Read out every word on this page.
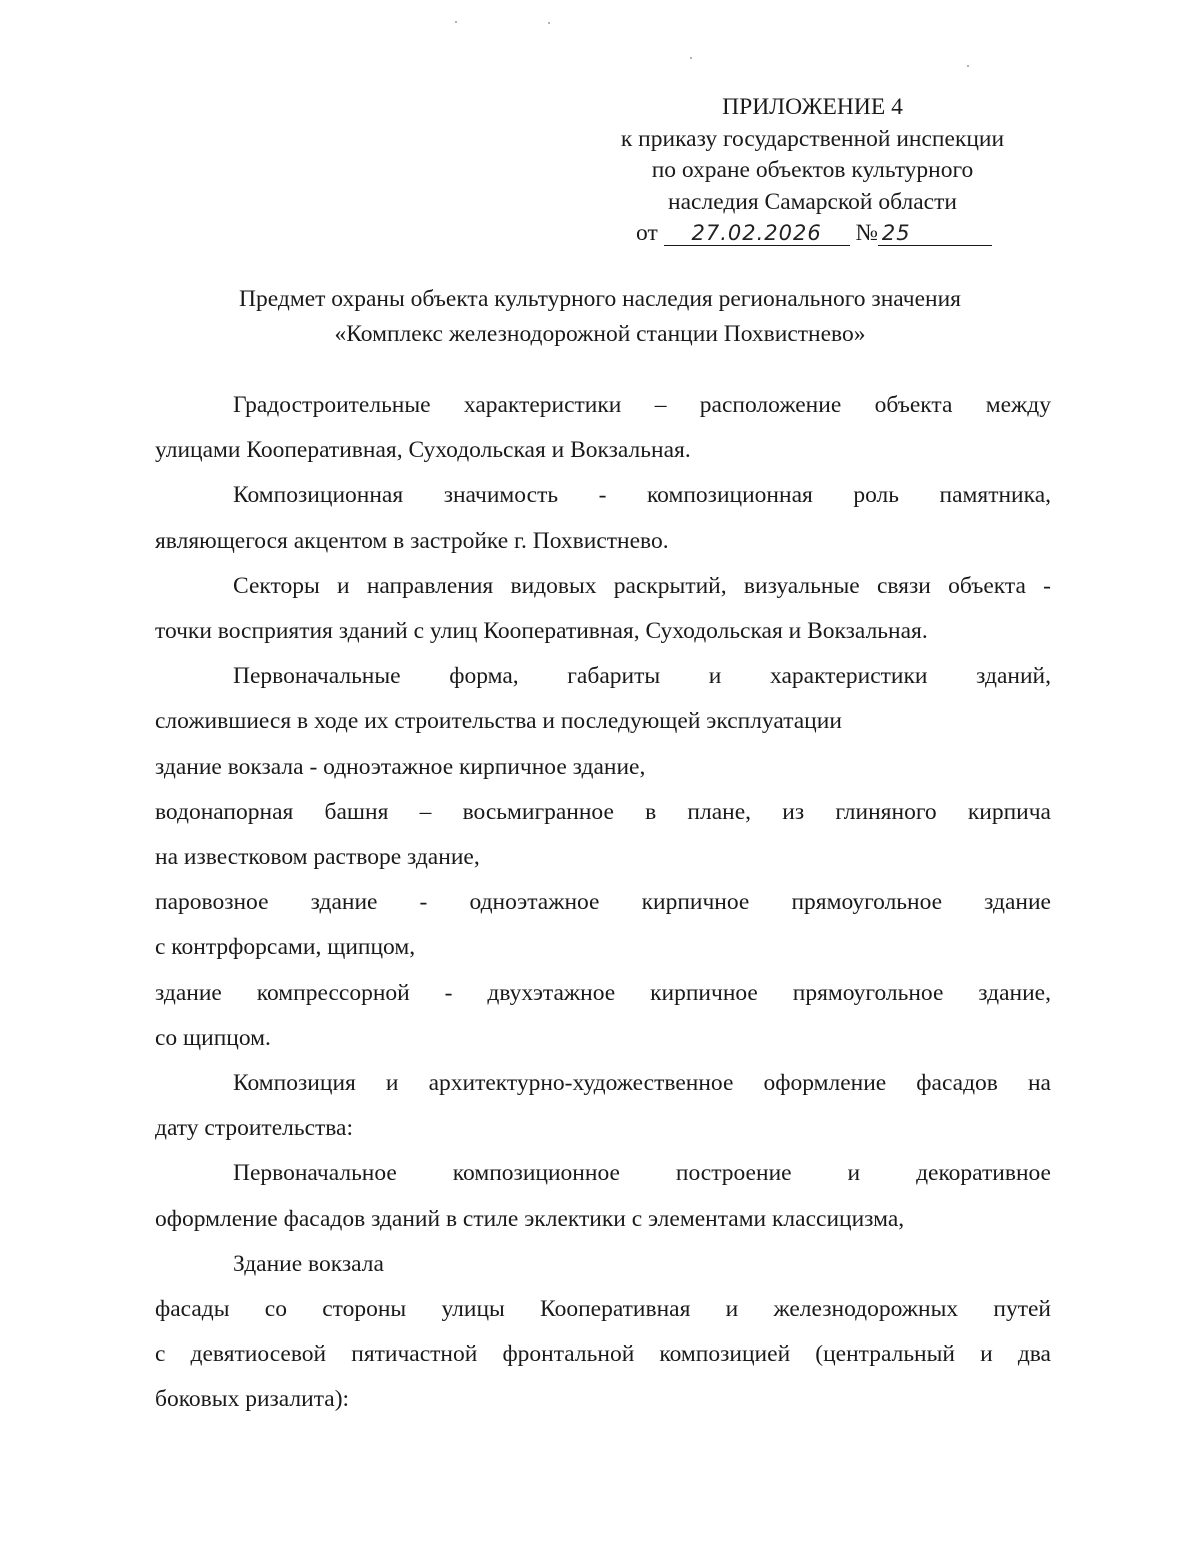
ПРИЛОЖЕНИЕ 4
к приказу государственной инспекции
по охране объектов культурного
наследия Самарской области
от 27.02.2026 № 25
Предмет охраны объекта культурного наследия регионального значения
«Комплекс железнодорожной станции Похвистнево»
Градостроительные характеристики – расположение объекта между
улицами Кооперативная, Суходольская и Вокзальная.
Композиционная значимость - композиционная роль памятника,
являющегося акцентом в застройке г. Похвистнево.
Секторы и направления видовых раскрытий, визуальные связи объекта -
точки восприятия зданий с улиц Кооперативная, Суходольская и Вокзальная.
Первоначальные форма, габариты и характеристики зданий,
сложившиеся в ходе их строительства и последующей эксплуатации
здание вокзала - одноэтажное кирпичное здание,
водонапорная башня – восьмигранное в плане, из глиняного кирпича
на известковом растворе здание,
паровозное здание - одноэтажное кирпичное прямоугольное здание
с контрфорсами, щипцом,
здание компрессорной - двухэтажное кирпичное прямоугольное здание,
со щипцом.
Композиция и архитектурно-художественное оформление фасадов на
дату строительства:
Первоначальное композиционное построение и декоративное
оформление фасадов зданий в стиле эклектики с элементами классицизма,
Здание вокзала
фасады со стороны улицы Кооперативная и железнодорожных путей
с девятиосевой пятичастной фронтальной композицией (центральный и два
боковых ризалита):
